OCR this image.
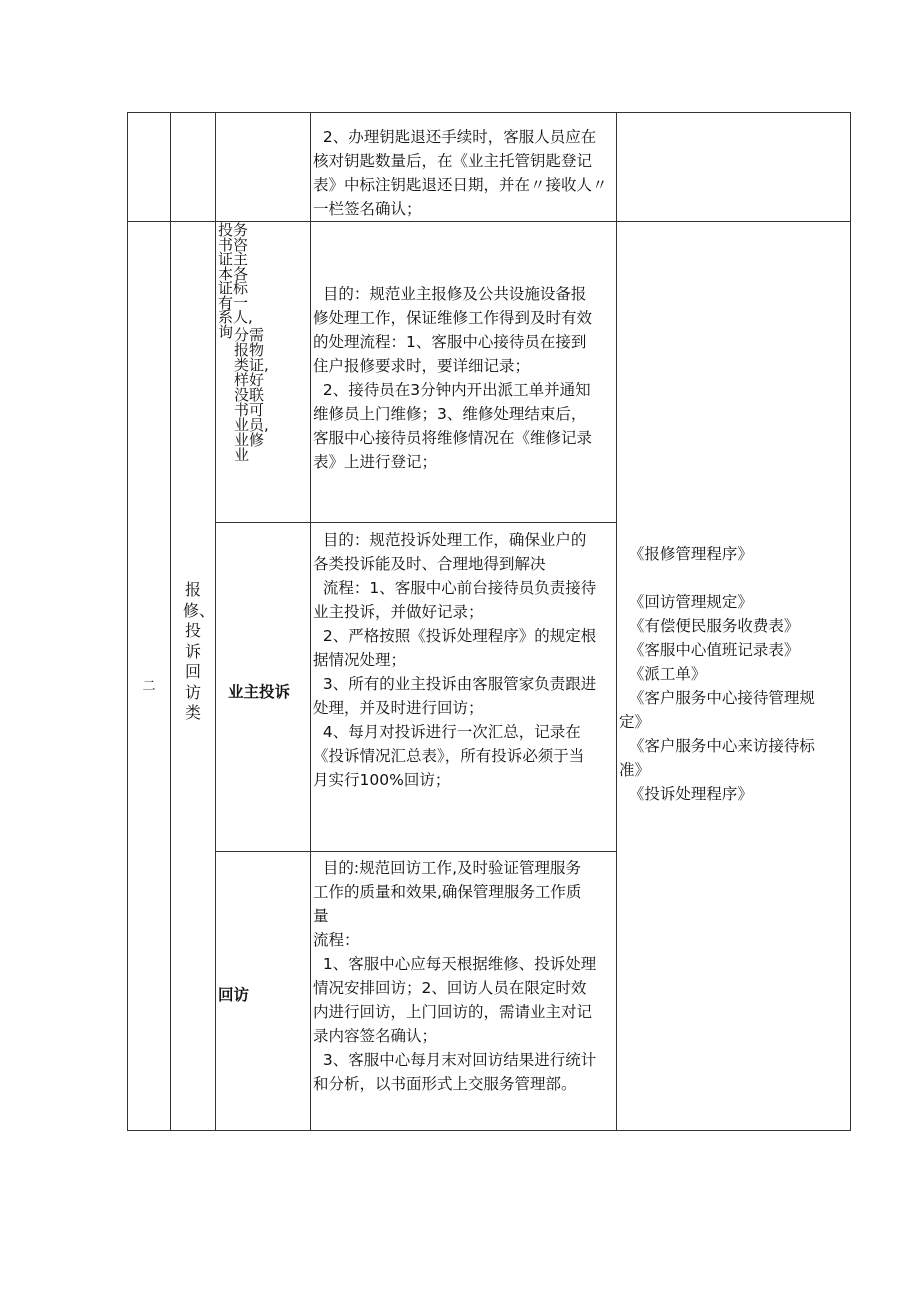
2、办理钥匙退还手续时，客服人员应在
核对钥匙数量后，在《业主托管钥匙登记
表》中标注钥匙退还日期，并在〃接收人〃
一栏签名确认；
二
报修、投诉回访类
投务书咨证主本各证标有一系人,询 分需报物类证,样好没联书可业员,业修业
目的：规范业主报修及公共设施设备报
修处理工作，保证维修工作得到及时有效
的处理流程：1、客服中心接待员在接到
住户报修要求时，要详细记录；
2、接待员在3分钟内开出派工单并通知
维修员上门维修；3、维修处理结束后，
客服中心接待员将维修情况在《维修记录
表》上进行登记；
业主投诉
目的：规范投诉处理工作，确保业户的
各类投诉能及时、合理地得到解决
流程：1、客服中心前台接待员负责接待
业主投诉，并做好记录；
2、严格按照《投诉处理程序》的规定根
据情况处理；
3、所有的业主投诉由客服管家负责跟进
处理，并及时进行回访；
4、每月对投诉进行一次汇总，记录在
《投诉情况汇总表》，所有投诉必须于当
月实行100%回访；
回访
目的:规范回访工作,及时验证管理服务
工作的质量和效果,确保管理服务工作质
量
流程：
1、客服中心应每天根据维修、投诉处理
情况安排回访；2、回访人员在限定时效
内进行回访，上门回访的，需请业主对记
录内容签名确认；
3、客服中心每月末对回访结果进行统计
和分析，以书面形式上交服务管理部。
《报修管理程序》

《回访管理规定》
《有偿便民服务收费表》
《客服中心值班记录表》
《派工单》
《客户服务中心接待管理规
定》
《客户服务中心来访接待标
准》
《投诉处理程序》
